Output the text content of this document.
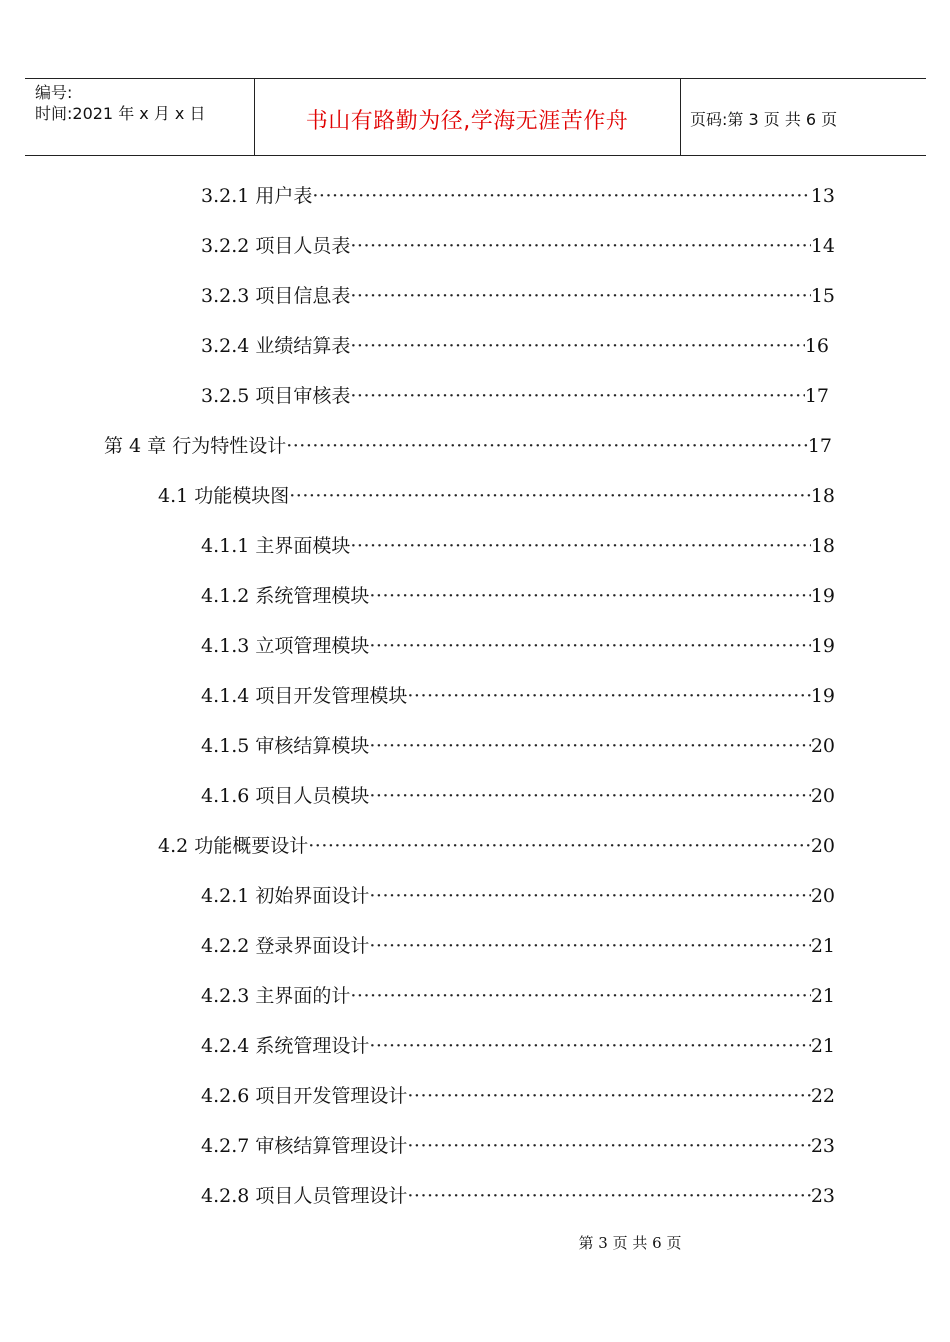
编号:
时间:2021 年 x 月 x 日	书山有路勤为径,学海无涯苦作舟	页码:第 3 页 共 6 页
3.2.1 用户表 ·····	13
3.2.2 项目人员表 ·····	14
3.2.3 项目信息表 ·····	15
3.2.4 业绩结算表 ·····	16
3.2.5 项目审核表 ·····	17
第 4 章 行为特性设计 ·····	17
4.1 功能模块图 ·····	18
4.1.1 主界面模块 ·····	18
4.1.2 系统管理模块 ·····	19
4.1.3 立项管理模块 ·····	19
4.1.4 项目开发管理模块 ·····	19
4.1.5 审核结算模块 ·····	20
4.1.6 项目人员模块 ·····	20
4.2 功能概要设计 ·····	20
4.2.1 初始界面设计 ·····	20
4.2.2 登录界面设计 ·····	21
4.2.3 主界面的计 ·····	21
4.2.4 系统管理设计 ·····	21
4.2.6 项目开发管理设计 ·····	22
4.2.7 审核结算管理设计 ·····	23
4.2.8 项目人员管理设计 ·····	23
第 3 页 共 6 页
